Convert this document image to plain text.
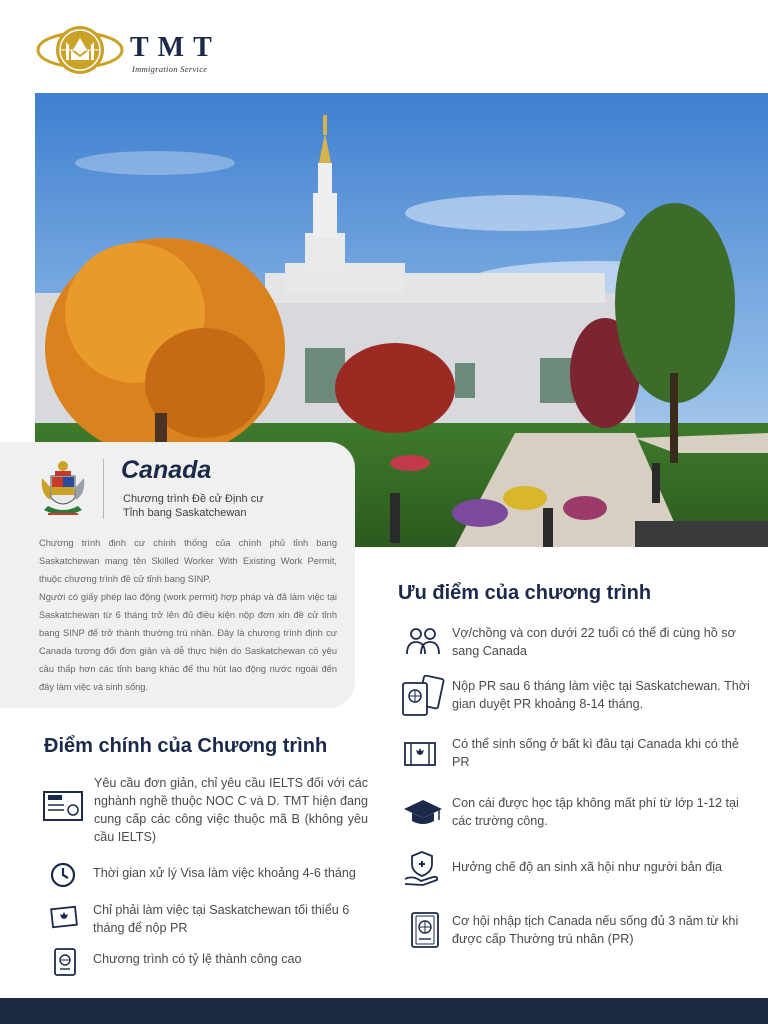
TMT
Immigration Service
Canada
Chương trình Đề cử Định cư
Tỉnh bang Saskatchewan

Chương trình định cư chính thống của chính phủ tỉnh bang Saskatchewan mang tên Skilled Worker With Existing Work Permit, thuộc chương trình đề cử tỉnh bang SINP.

Người có giấy phép lao động (work permit) hợp pháp và đã làm việc tại Saskatchewan từ 6 tháng trở lên đủ điều kiện nộp đơn xin đề cử tỉnh bang SINP để trở thành thường trú nhân. Đây là chương trình định cư Canada tương đối đơn giản và dễ thực hiện do Saskatchewan có yêu cầu thấp hơn các tỉnh bang khác để thu hút lao động nước ngoài đến đây làm việc và sinh sống.

Điểm chính của Chương trình
Yêu cầu đơn giản, chỉ yêu cầu IELTS đối với các nghành nghề thuộc NOC C và D. TMT hiện đang cung cấp các công việc thuộc mã B (không yêu cầu IELTS)
Thời gian xử lý Visa làm việc khoảng 4-6 tháng
Chỉ phải làm việc tại Saskatchewan tối thiểu 6 tháng để nộp PR
Chương trình có tỷ lệ thành công cao
Ưu điểm của chương trình
Vợ/chồng và con dưới 22 tuổi có thể đi cùng hồ sơ sang Canada
Nộp PR sau 6 tháng làm việc tại Saskatchewan. Thời gian duyệt PR khoảng 8-14 tháng.
Có thể sinh sống ở bất kì đâu tại Canada khi có thẻ PR
Con cái được học tập không mất phí từ lớp 1-12 tại các trường công.
Hưởng chế độ an sinh xã hội như người bản địa
Cơ hội nhập tịch Canada nếu sống đủ 3 năm từ khi được cấp Thường trú nhân (PR)
